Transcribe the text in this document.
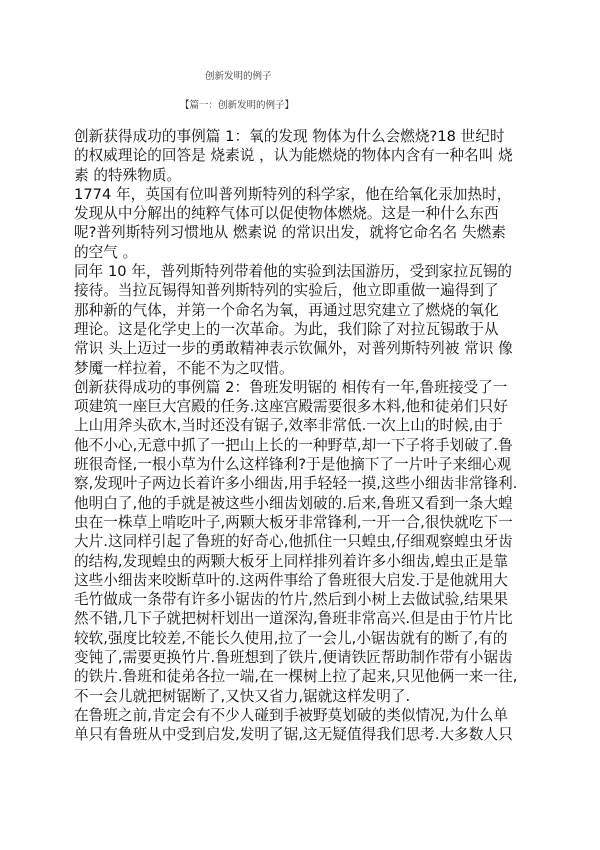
创新发明的例子
【篇一：创新发明的例子】
创新获得成功的事例篇 1：氧的发现 物体为什么会燃烧?18 世纪时
的权威理论的回答是 烧素说 ，认为能燃烧的物体内含有一种名叫 烧
素 的特殊物质。
1774 年，英国有位叫普列斯特列的科学家，他在给氧化汞加热时，
发现从中分解出的纯粹气体可以促使物体燃烧。这是一种什么东西
呢?普列斯特列习惯地从 燃素说 的常识出发，就将它命名名 失燃素
的空气 。
同年 10 年，普列斯特列带着他的实验到法国游历，受到家拉瓦锡的
接待。当拉瓦锡得知普列斯特列的实验后，他立即重做一遍得到了
那种新的气体，并第一个命名为氧，再通过思究建立了燃烧的氧化
理论。这是化学史上的一次革命。为此，我们除了对拉瓦锡敢于从
常识 头上迈过一步的勇敢精神表示钦佩外，对普列斯特列被 常识 像
梦魇一样拉着，不能不为之叹惜。
创新获得成功的事例篇 2：鲁班发明锯的 相传有一年,鲁班接受了一
项建筑一座巨大宫殿的任务.这座宫殿需要很多木料,他和徒弟们只好
上山用斧头砍木,当时还没有锯子,效率非常低.一次上山的时候,由于
他不小心,无意中抓了一把山上长的一种野草,却一下子将手划破了.鲁
班很奇怪,一根小草为什么这样锋利?于是他摘下了一片叶子来细心观
察,发现叶子两边长着许多小细齿,用手轻轻一摸,这些小细齿非常锋利.
他明白了,他的手就是被这些小细齿划破的.后来,鲁班又看到一条大蝗
虫在一株草上啃吃叶子,两颗大板牙非常锋利,一开一合,很快就吃下一
大片.这同样引起了鲁班的好奇心,他抓住一只蝗虫,仔细观察蝗虫牙齿
的结构,发现蝗虫的两颗大板牙上同样排列着许多小细齿,蝗虫正是靠
这些小细齿来咬断草叶的.这两件事给了鲁班很大启发.于是他就用大
毛竹做成一条带有许多小锯齿的竹片,然后到小树上去做试验,结果果
然不错,几下子就把树杆划出一道深沟,鲁班非常高兴.但是由于竹片比
较软,强度比较差,不能长久使用,拉了一会儿,小锯齿就有的断了,有的
变钝了,需要更换竹片.鲁班想到了铁片,便请铁匠帮助制作带有小锯齿
的铁片.鲁班和徒弟各拉一端,在一棵树上拉了起来,只见他俩一来一往,
不一会儿就把树锯断了,又快又省力,锯就这样发明了.
在鲁班之前,肯定会有不少人碰到手被野莫划破的类似情况,为什么单
单只有鲁班从中受到启发,发明了锯,这无疑值得我们思考.大多数人只
